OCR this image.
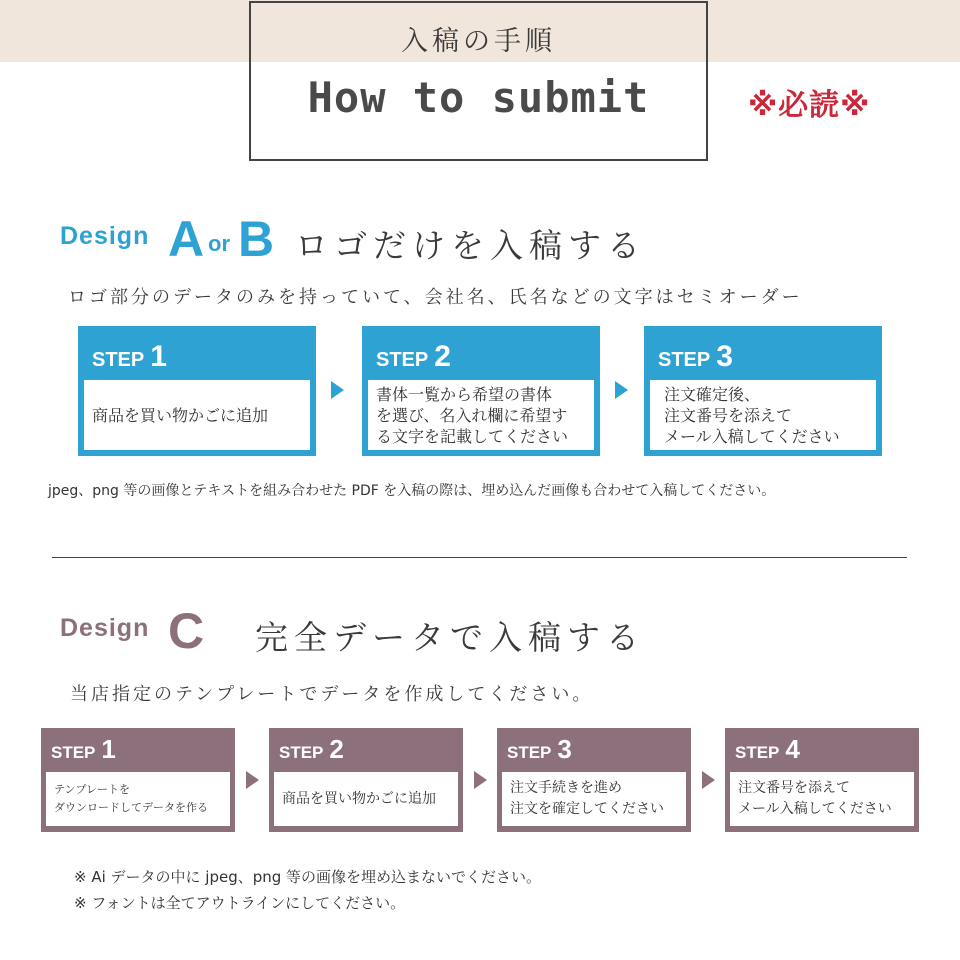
入稿の手順
How to submit	※必読※
Design A or B ロゴだけを入稿する
ロゴ部分のデータのみを持っていて、会社名、氏名などの文字はセミオーダー
STEP 1
商品を買い物かごに追加
STEP 2
書体一覧から希望の書体
を選び、名入れ欄に希望す
る文字を記載してください
STEP 3
注文確定後、
注文番号を添えて
メール入稿してください
jpeg、png 等の画像とテキストを組み合わせた PDF を入稿の際は、埋め込んだ画像も合わせて入稿してください。
Design C 完全データで入稿する
当店指定のテンプレートでデータを作成してください。
STEP 1
テンプレートを
ダウンロードしてデータを作る
STEP 2
商品を買い物かごに追加
STEP 3
注文手続きを進め
注文を確定してください
STEP 4
注文番号を添えて
メール入稿してください
※ Ai データの中に jpeg、png 等の画像を埋め込まないでください。
※ フォントは全てアウトラインにしてください。
